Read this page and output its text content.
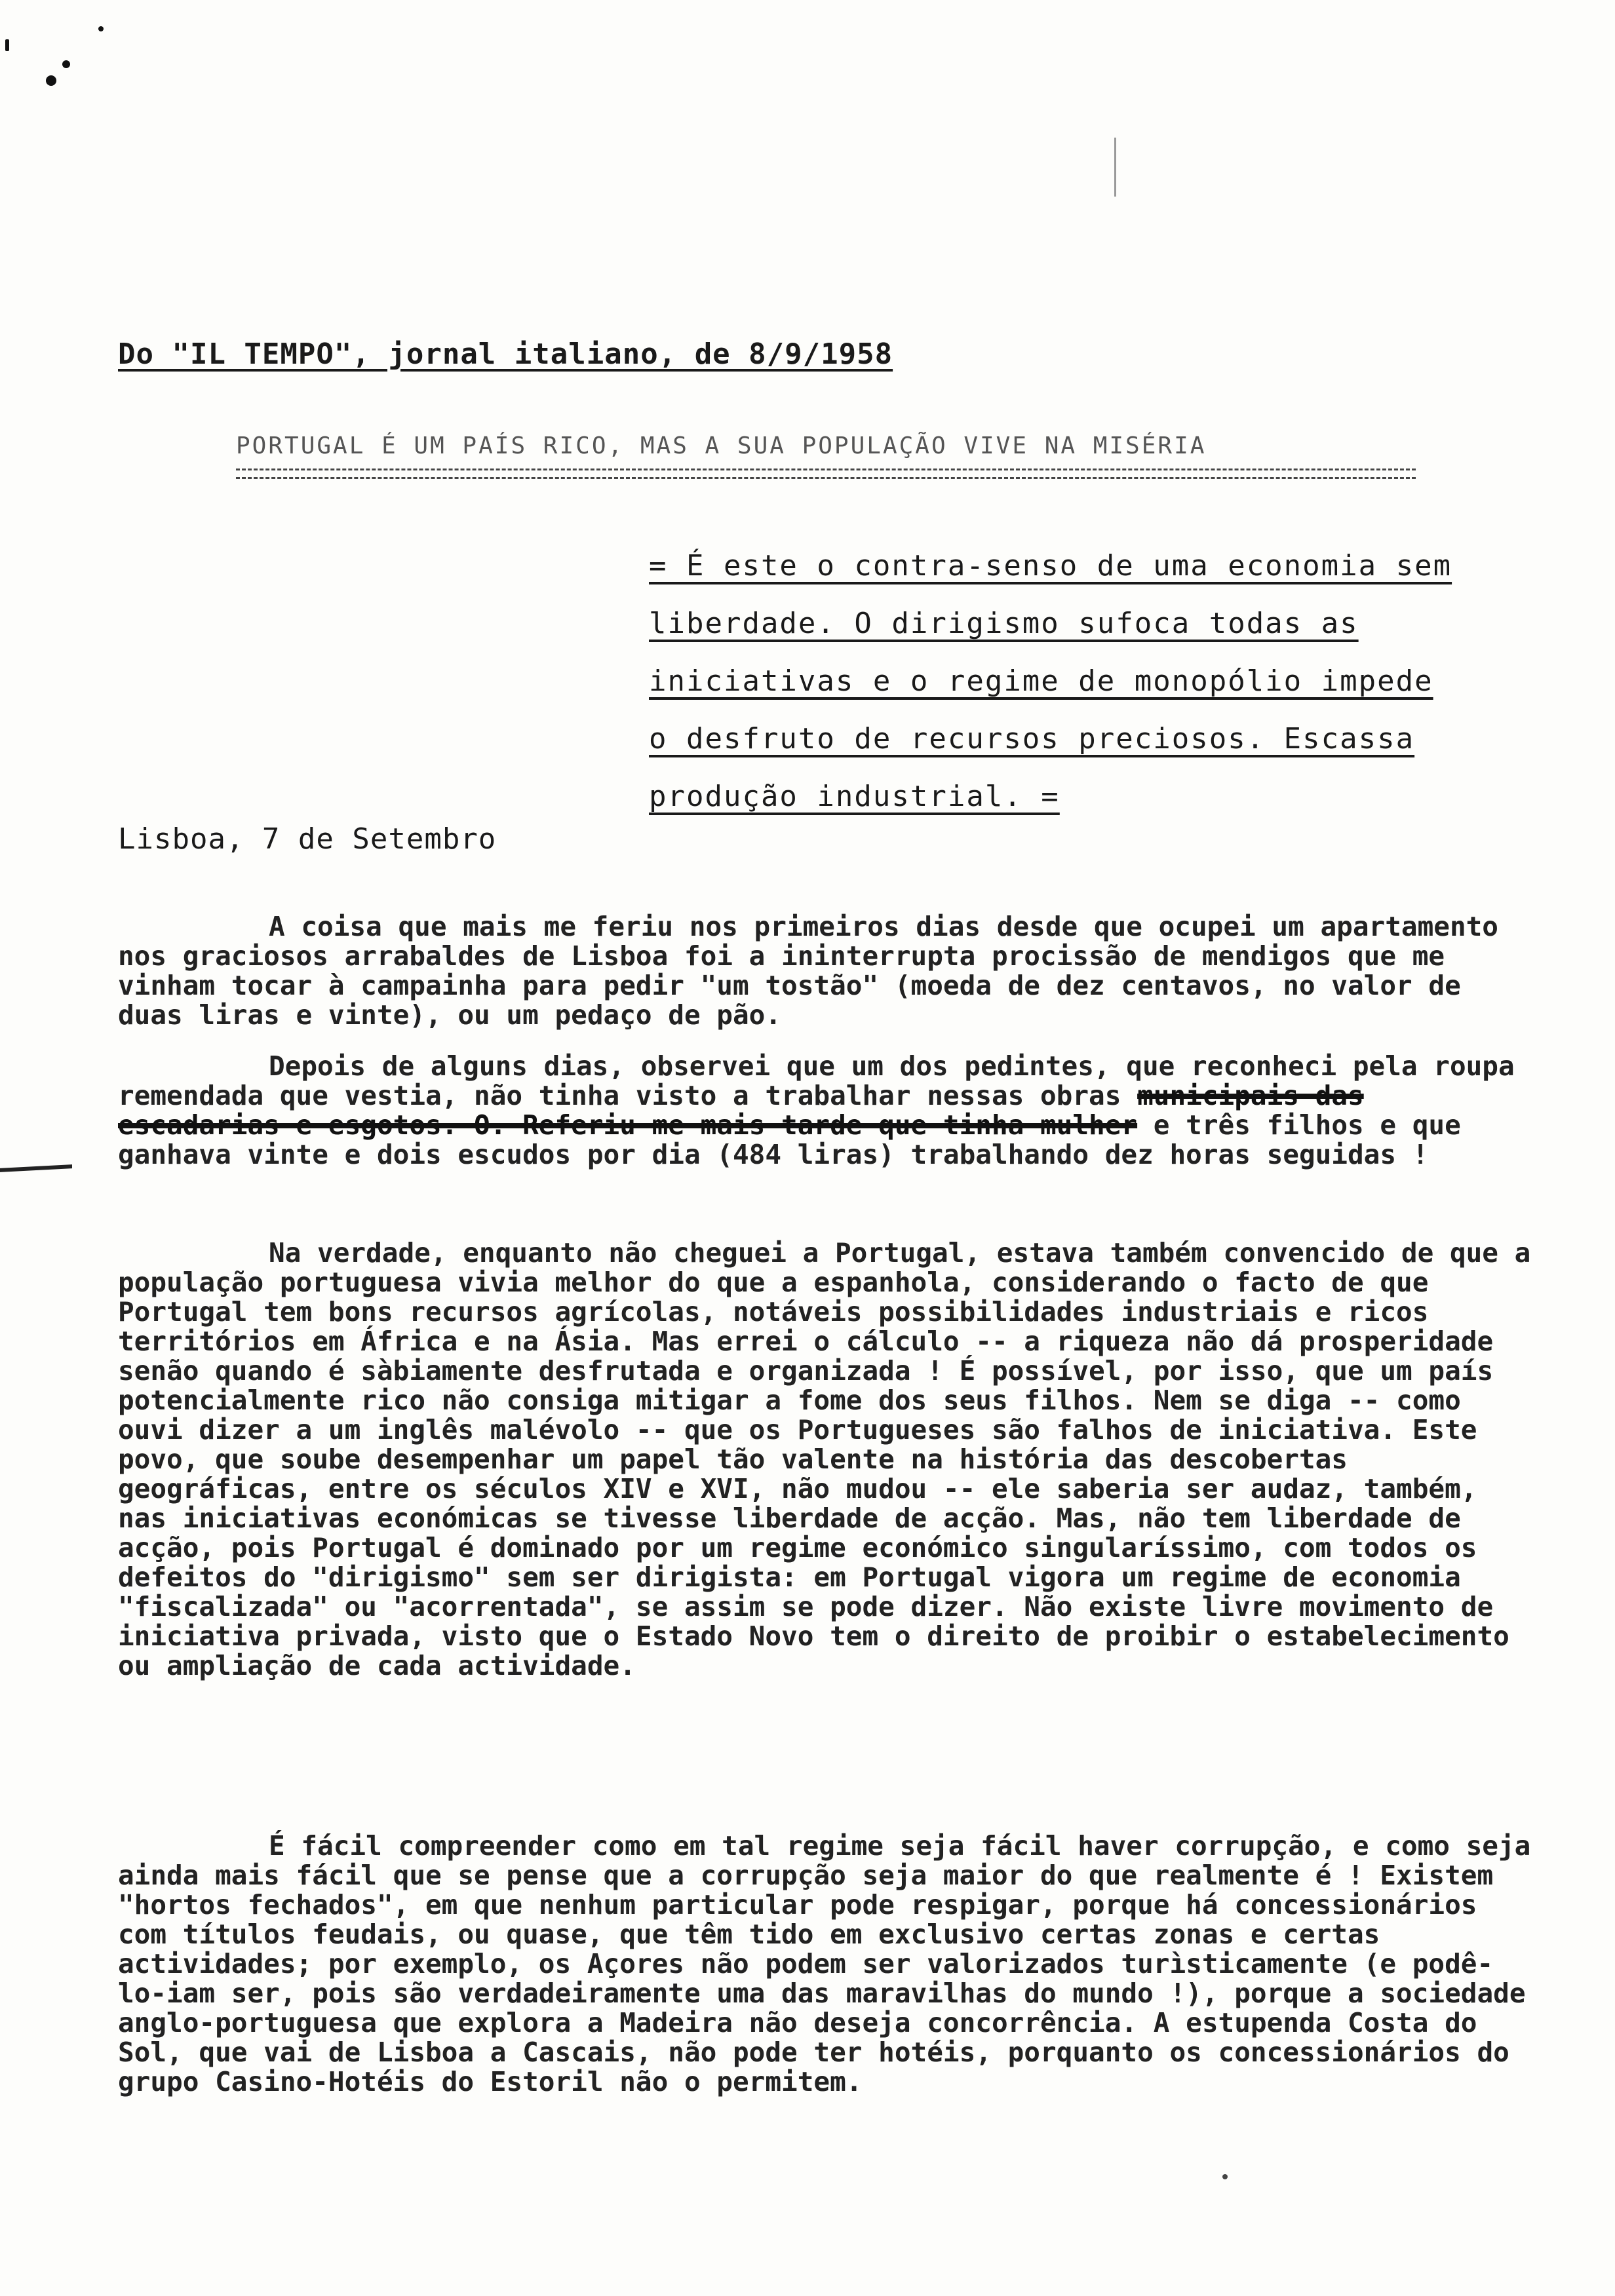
Do "IL TEMPO", jornal italiano, de 8/9/1958
PORTUGAL É UM PAÍS RICO, MAS A SUA POPULAÇÃO VIVE NA MISÉRIA
= É este o contra-senso de uma economia sem
liberdade. O dirigismo sufoca todas as
iniciativas e o regime de monopólio impede
o desfruto de recursos preciosos. Escassa
produção industrial. =
Lisboa, 7 de Setembro

A coisa que mais me feriu nos primeiros dias desde que ocupei um apartamento nos graciosos arrabaldes de Lisboa foi a ininterrupta procissão de mendigos que me vinham tocar à campainha para pedir "um tostão" (moeda de dez centavos, no valor de duas liras e vinte), ou um pedaço de pão.

Depois de alguns dias, observei que um dos pedintes, que reconheci pela roupa remendada que vestia, não tinha visto a trabalhar nessas obras municipais das escadarias e esgotos. O. Referiu-me mais tarde que tinha mulher e três filhos e que ganhava vinte e dois escudos por dia (484 liras) trabalhando dez horas seguidas !

Na verdade, enquanto não cheguei a Portugal, estava também convencido de que a população portuguesa vivia melhor do que a espanhola, considerando o facto de que Portugal tem bons recursos agrícolas, notáveis possibilidades industriais e ricos territórios em África e na Ásia. Mas errei o cálculo -- a riqueza não dá prosperidade senão quando é sàbiamente desfrutada e organizada ! É possível, por isso, que um país potencialmente rico não consiga mitigar a fome dos seus filhos. Nem se diga -- como ouvi dizer a um inglês malévolo -- que os Portugueses são falhos de iniciativa. Este povo, que soube desempenhar um papel tão valente na história das descobertas geográficas, entre os séculos XIV e XVI, não mudou -- ele saberia ser audaz, também, nas iniciativas económicas se tivesse liberdade de acção. Mas, não tem liberdade de acção, pois Portugal é dominado por um regime económico singularíssimo, com todos os defeitos do "dirigismo" sem ser dirigista: em Portugal vigora um regime de economia "fiscalizada" ou "acorrentada", se assim se pode dizer. Não existe livre movimento de iniciativa privada, visto que o Estado Novo tem o direito de proibir o estabelecimento ou ampliação de cada actividade.

É fácil compreender como em tal regime seja fácil haver corrupção, e como seja ainda mais fácil que se pense que a corrupção seja maior do que realmente é ! Existem "hortos fechados", em que nenhum particular pode respigar, porque há concessionários com títulos feudais, ou quase, que têm tido em exclusivo certas zonas e certas actividades; por exemplo, os Açores não podem ser valorizados turìsticamente (e podê-lo-iam ser, pois são verdadeiramente uma das maravilhas do mundo !), porque a sociedade anglo-portuguesa que explora a Madeira não deseja concorrência. A estupenda Costa do Sol, que vai de Lisboa a Cascais, não pode ter hotéis, porquanto os concessionários do grupo Casino-Hotéis do Estoril não o permitem.
